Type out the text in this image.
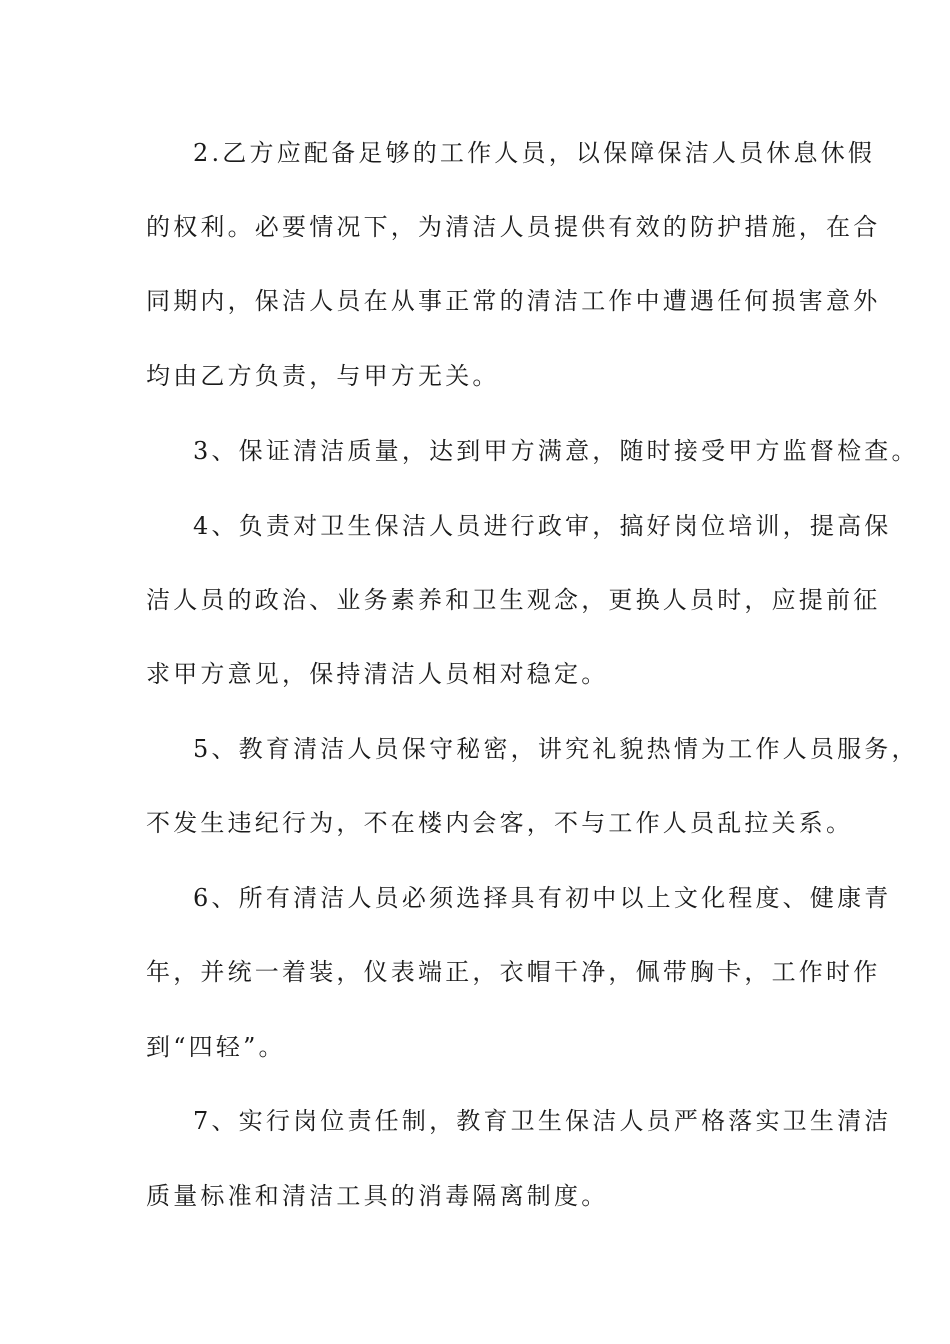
2.乙方应配备足够的工作人员，以保障保洁人员休息休假

的权利。必要情况下，为清洁人员提供有效的防护措施，在合

同期内，保洁人员在从事正常的清洁工作中遭遇任何损害意外

均由乙方负责，与甲方无关。

3、保证清洁质量，达到甲方满意，随时接受甲方监督检查。

4、负责对卫生保洁人员进行政审，搞好岗位培训，提高保

洁人员的政治、业务素养和卫生观念，更换人员时，应提前征

求甲方意见，保持清洁人员相对稳定。

5、教育清洁人员保守秘密，讲究礼貌热情为工作人员服务，

不发生违纪行为，不在楼内会客，不与工作人员乱拉关系。

6、所有清洁人员必须选择具有初中以上文化程度、健康青

年，并统一着装，仪表端正，衣帽干净，佩带胸卡，工作时作

到“四轻”。

7、实行岗位责任制，教育卫生保洁人员严格落实卫生清洁

质量标准和清洁工具的消毒隔离制度。
